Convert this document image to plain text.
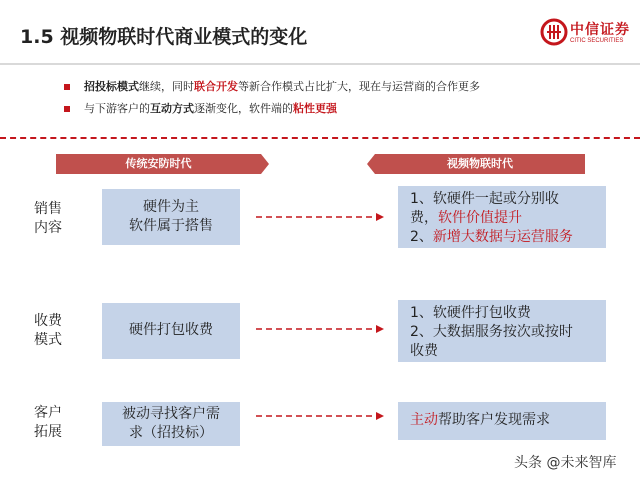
1.5 视频物联时代商业模式的变化	中信证券
CITIC SECURITIES
招投标模式继续，同时联合开发等新合作模式占比扩大，现在与运营商的合作更多
与下游客户的互动方式逐渐变化，软件端的粘性更强
传统安防时代	视频物联时代
销售
内容
硬件为主
软件属于搭售
1、软硬件一起或分别收
费，软件价值提升
2、新增大数据与运营服务
收费
模式
硬件打包收费
1、软硬件打包收费
2、大数据服务按次或按时
收费
客户
拓展
被动寻找客户需
求（招投标）
主动帮助客户发现需求
头条 @未来智库
